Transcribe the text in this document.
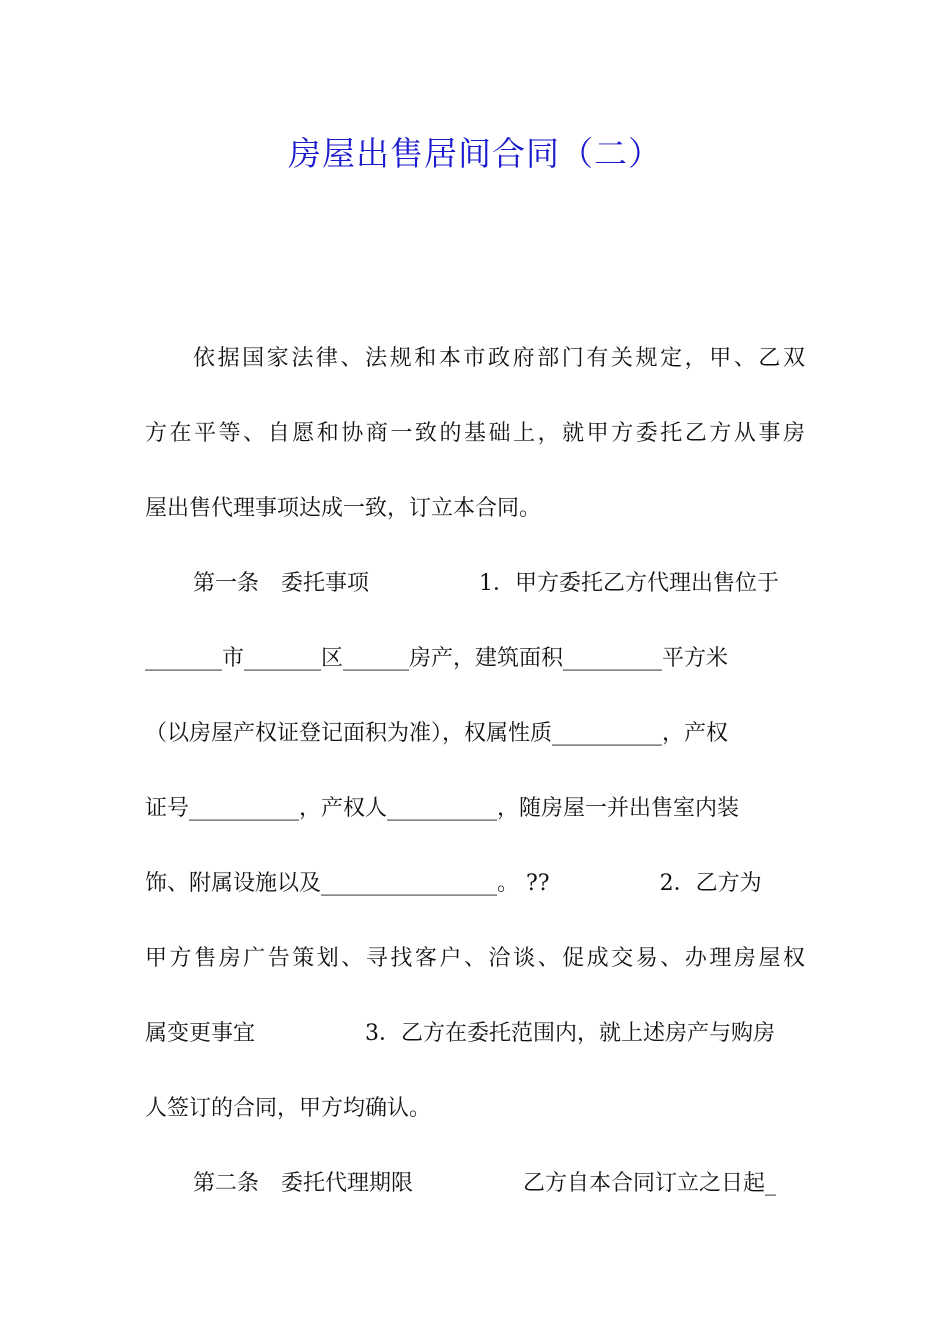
房屋出售居间合同（二）
依据国家法律、法规和本市政府部门有关规定，甲、乙双
方在平等、自愿和协商一致的基础上，就甲方委托乙方从事房
屋出售代理事项达成一致，订立本合同。
第一条　委托事项　　　　　1．甲方委托乙方代理出售位于
_______市_______区______房产，建筑面积_________平方米
（以房屋产权证登记面积为准），权属性质__________，产权
证号__________，产权人__________，随房屋一并出售室内装
饰、附属设施以及________________。 ??　　　　　2．乙方为
甲方售房广告策划、寻找客户、洽谈、促成交易、办理房屋权
属变更事宜　　　　　3．乙方在委托范围内，就上述房产与购房
人签订的合同，甲方均确认。
第二条　委托代理期限　　　　　乙方自本合同订立之日起_
